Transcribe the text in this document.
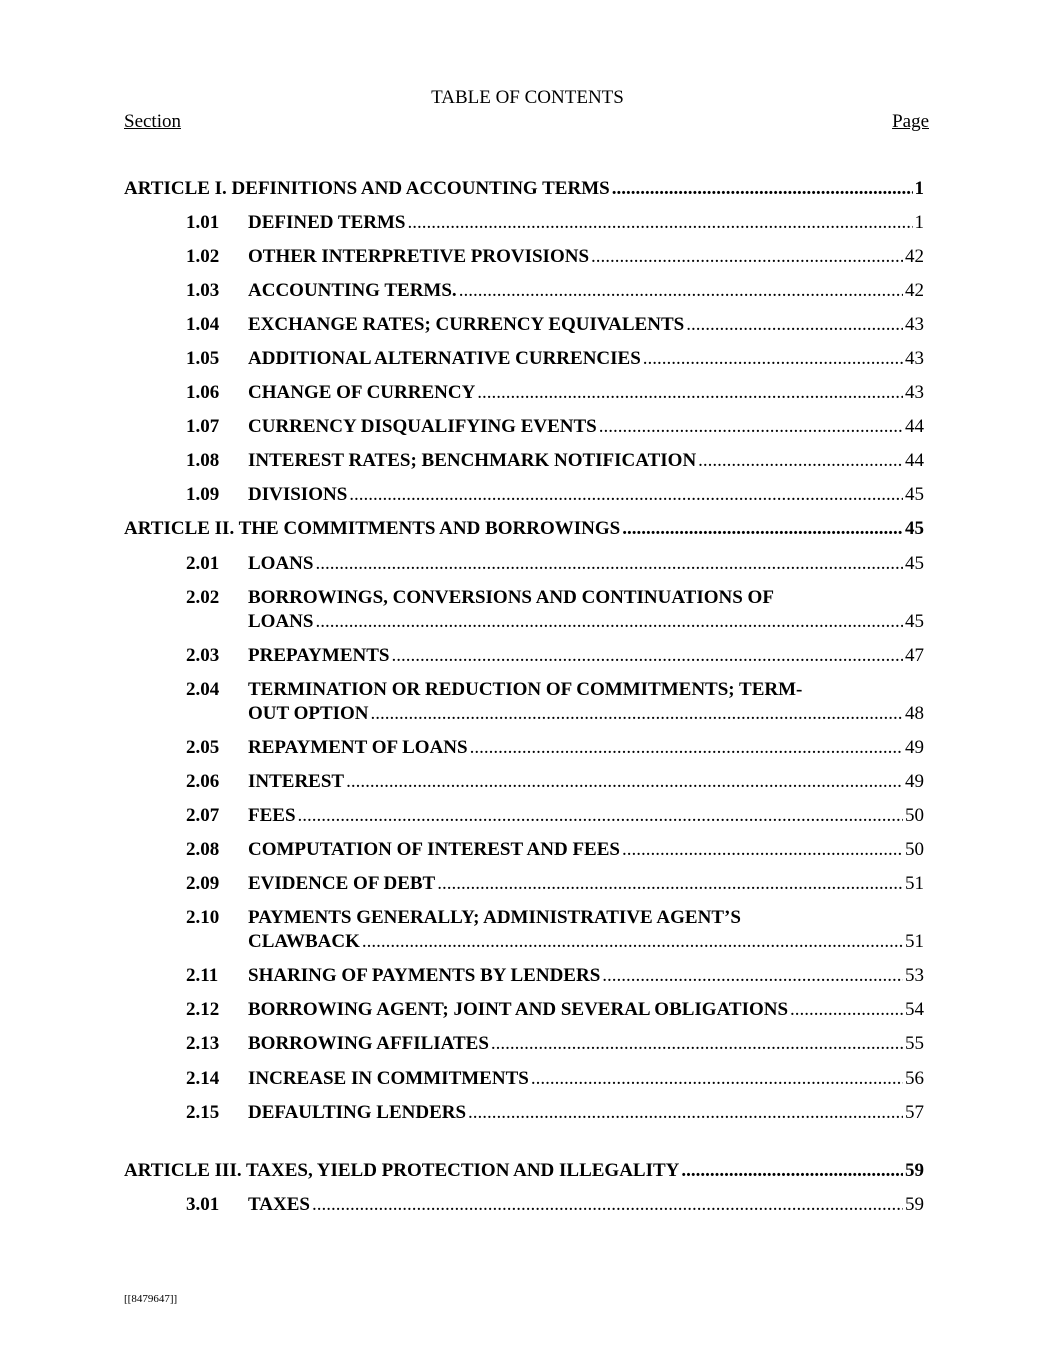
TABLE OF CONTENTS
Section	Page
ARTICLE I. DEFINITIONS AND ACCOUNTING TERMS .....	1
1.01 DEFINED TERMS .....	1
1.02 OTHER INTERPRETIVE PROVISIONS .....	42
1.03 ACCOUNTING TERMS. .....	42
1.04 EXCHANGE RATES; CURRENCY EQUIVALENTS .....	43
1.05 ADDITIONAL ALTERNATIVE CURRENCIES .....	43
1.06 CHANGE OF CURRENCY .....	43
1.07 CURRENCY DISQUALIFYING EVENTS .....	44
1.08 INTEREST RATES; BENCHMARK NOTIFICATION .....	44
1.09 DIVISIONS .....	45
ARTICLE II. THE COMMITMENTS AND BORROWINGS .....	45
2.01 LOANS .....	45
2.02 BORROWINGS, CONVERSIONS AND CONTINUATIONS OF
LOANS .....	45
2.03 PREPAYMENTS .....	47
2.04 TERMINATION OR REDUCTION OF COMMITMENTS; TERM-
OUT OPTION .....	48
2.05 REPAYMENT OF LOANS .....	49
2.06 INTEREST .....	49
2.07 FEES .....	50
2.08 COMPUTATION OF INTEREST AND FEES .....	50
2.09 EVIDENCE OF DEBT .....	51
2.10 PAYMENTS GENERALLY; ADMINISTRATIVE AGENT’S
CLAWBACK .....	51
2.11 SHARING OF PAYMENTS BY LENDERS .....	53
2.12 BORROWING AGENT; JOINT AND SEVERAL OBLIGATIONS .....	54
2.13 BORROWING AFFILIATES .....	55
2.14 INCREASE IN COMMITMENTS .....	56
2.15 DEFAULTING LENDERS .....	57
ARTICLE III. TAXES, YIELD PROTECTION AND ILLEGALITY .....	59
3.01 TAXES .....	59
[[8479647]]
